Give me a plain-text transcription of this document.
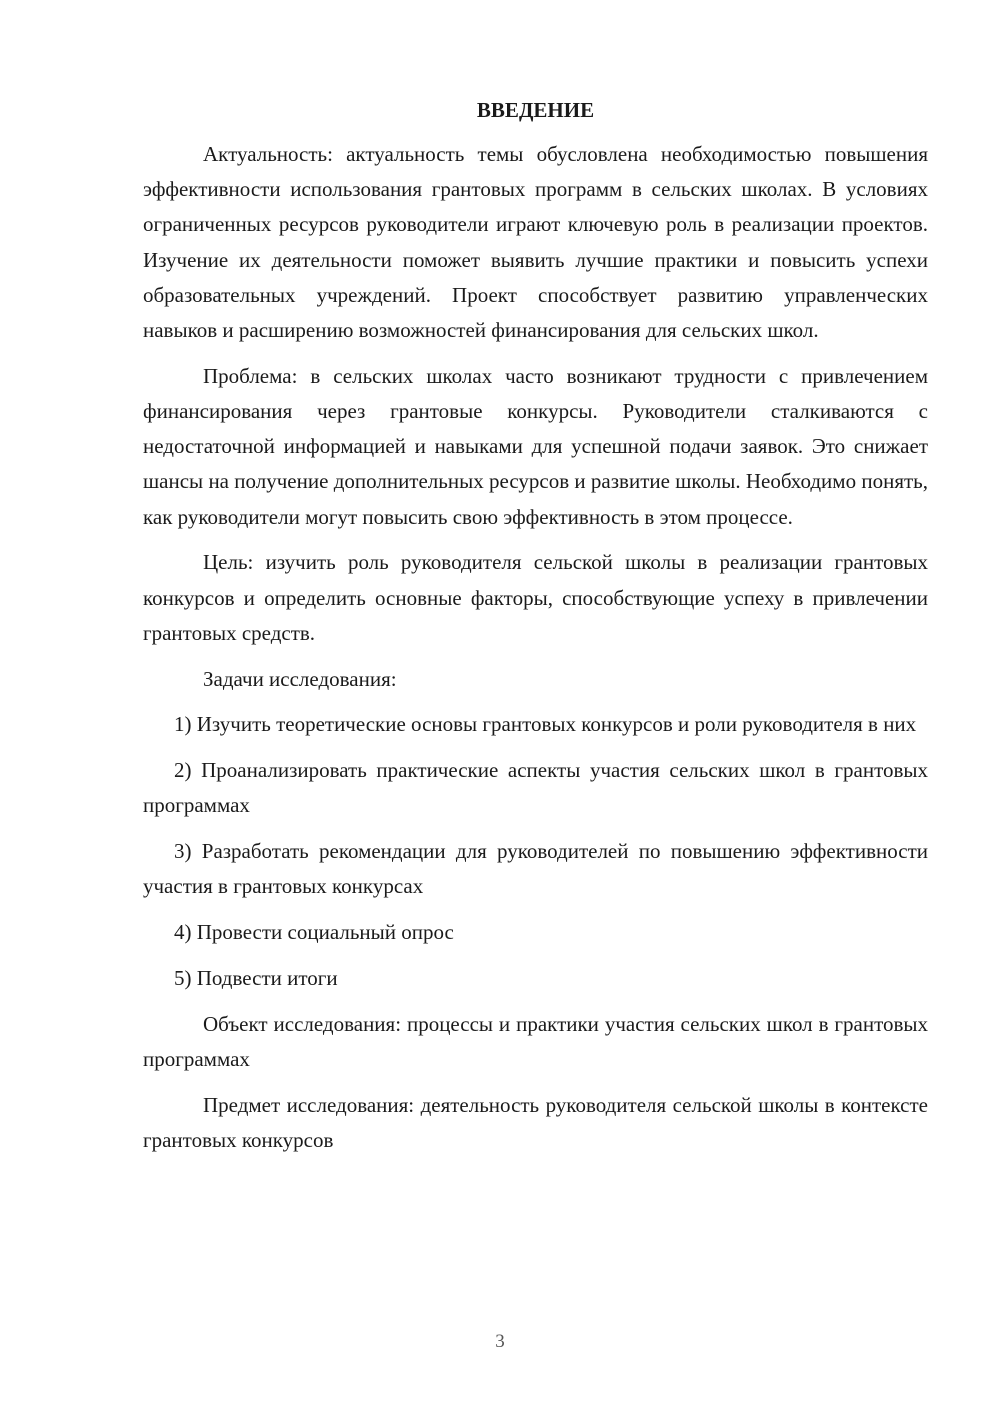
ВВЕДЕНИЕ

Актуальность: актуальность темы обусловлена необходимостью повышения эффективности использования грантовых программ в сельских школах. В условиях ограниченных ресурсов руководители играют ключевую роль в реализации проектов. Изучение их деятельности поможет выявить лучшие практики и повысить успехи образовательных учреждений. Проект способствует развитию управленческих навыков и расширению возможностей финансирования для сельских школ.

Проблема: в сельских школах часто возникают трудности с привлечением финансирования через грантовые конкурсы. Руководители сталкиваются с недостаточной информацией и навыками для успешной подачи заявок. Это снижает шансы на получение дополнительных ресурсов и развитие школы. Необходимо понять, как руководители могут повысить свою эффективность в этом процессе.

Цель: изучить роль руководителя сельской школы в реализации грантовых конкурсов и определить основные факторы, способствующие успеху в привлечении грантовых средств.

Задачи исследования:

1) Изучить теоретические основы грантовых конкурсов и роли руководителя в них

2) Проанализировать практические аспекты участия сельских школ в грантовых программах

3) Разработать рекомендации для руководителей по повышению эффективности участия в грантовых конкурсах

4) Провести социальный опрос

5) Подвести итоги

Объект исследования: процессы и практики участия сельских школ в грантовых программах

Предмет исследования: деятельность руководителя сельской школы в контексте грантовых конкурсов

3
